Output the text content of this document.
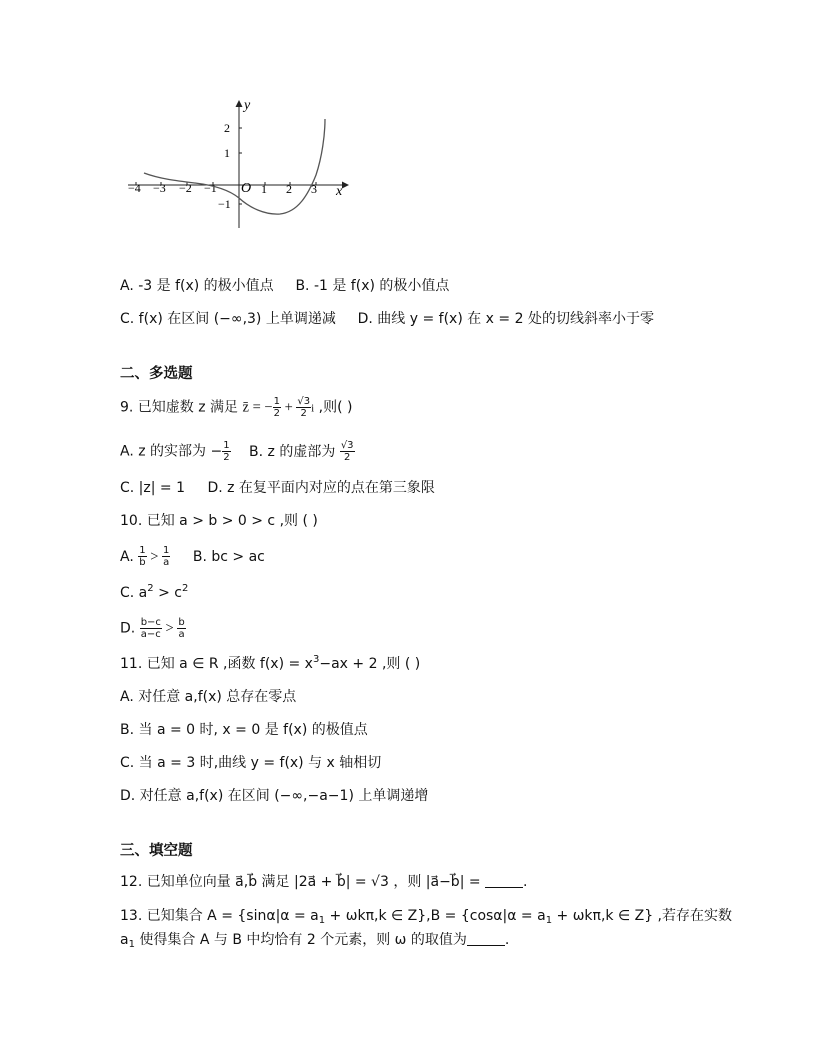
−4 −3 −2 −1	1 2 3
2
1
−1
x
y
O
A. -3 是 f(x) 的极小值点 B. -1 是 f(x) 的极小值点
C. f(x) 在区间 (−∞,3) 上单调递减 D. 曲线 y = f(x) 在 x = 2 处的切线斜率小于零
二、多选题
9. 已知虚数 z 满足 z̄ = − $\frac{1}{2} + \frac{√3}{2}$ i ,则( )
A. z 的实部为 − $\frac{1}{2} B$. z 的虚部为 $\frac{√3}{2}$
C. |z| = 1 D. z 在复平面内对应的点在第三象限
10. 已知 a > b > 0 > c ,则 ( )
A. $\frac{1}{b} > \frac{1}{a} B$. bc > ac
C. $a^2 > c^2$
D. $\frac{b-c}{a-c} > \frac{b}{a}$
11. 已知 a ∈ R ,函数 $f(x) = x^3-ax + 2$ ,则 ( )
A. 对任意 a,f(x) 总存在零点
B. 当 a = 0 时, x = 0 是 f(x) 的极值点
C. 当 a = 3 时,曲线 y = f(x) 与 x 轴相切
D. 对任意 a,f(x) 在区间 (−∞,−a−1) 上单调递增
三、填空题
12. 已知单位向量 a⃗,b⃗ 满足 |2a⃗ + b⃗| = √3 ，则 |a⃗−b⃗| =	.
13. 已知集合 $A = \{\sin\alpha|\alpha = a_1 + \omega k\pi,k$ ∈ $Z\},B = \{\cos\alpha|\alpha = a_1 + \omega k\pi,k$ ∈ Z} ,若存在实数
$a_1$ 使得集合 A 与 B 中均恰有 2 个元素，则 ω 的取值为	.
